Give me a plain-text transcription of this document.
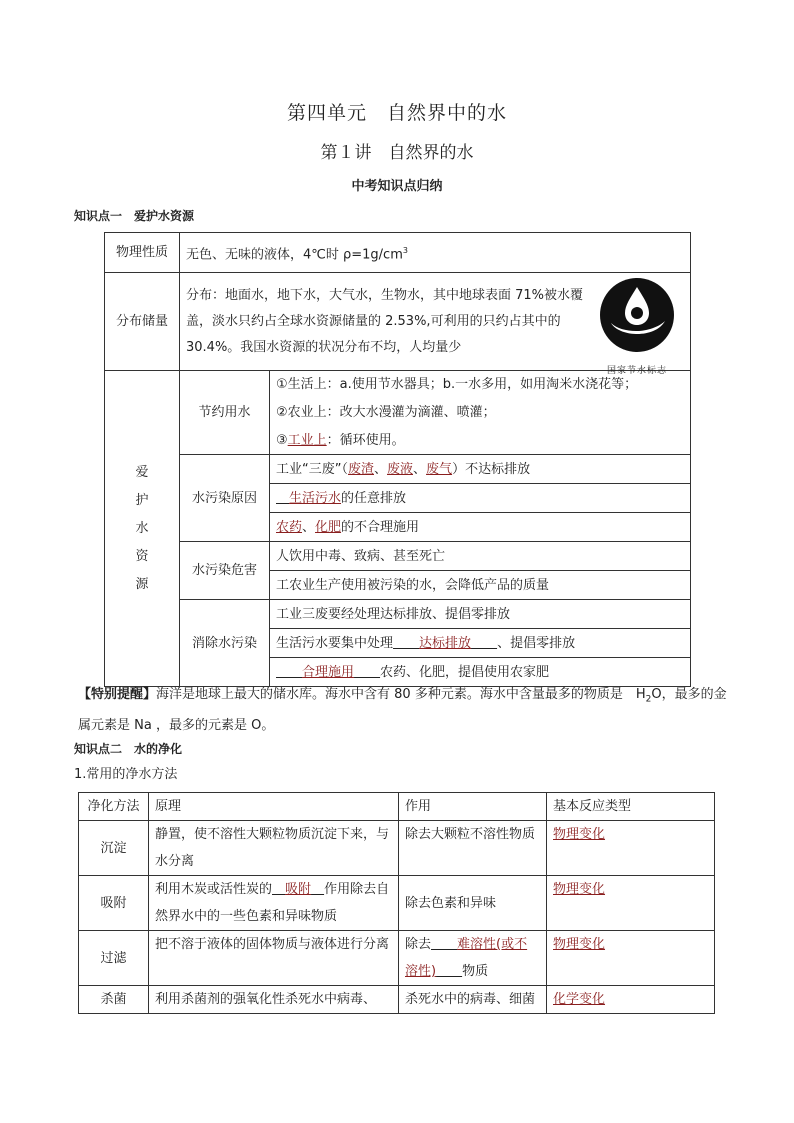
第四单元　自然界中的水
第１讲　自然界的水
中考知识点归纳
知识点一　爱护水资源
物理性质	无色、无味的液体，4℃时 $\rho=1g/cm^3$
分布储量	分布：地面水，地下水，大气水，生物水，其中地球表面 71%被水覆盖，淡水只约占全球水资源储量的 2.53%,可利用的只约占其中的 30.4%。我国水资源的状况分布不均，人均量少
国家节水标志	

爱
护
水
资
源	节约用水	①生活上：a.使用节水器具；b.一水多用，如用淘米水浇花等；
		②农业上：改大水漫灌为滴灌、喷灌；
		③工业上：循环使用。
	水污染原因	工业“三废”（废渣、废液、废气）不达标排放
		　生活污水的任意排放
		农药、化肥的不合理施用
	水污染危害	人饮用中毒、致病、甚至死亡
		工农业生产使用被污染的水，会降低产品的质量
	消除水污染	工业三废要经处理达标排放、提倡零排放
		生活污水要集中处理　　 达标排放　　 、提倡零排放
		　　合理施用　　 农药、化肥，提倡使用农家肥
【特别提醒】海洋是地球上最大的储水库。海水中含有 80 多种元素。海水中含量最多的物质是　$H_2O$，最多的金属元素是 Na ，最多的元素是 O。
知识点二　水的净化
1.常用的净水方法
净化方法	原理	作用	基本反应类型
沉淀	静置，使不溶性大颗粒物质沉淀下来，与水分离	除去大颗粒不溶性物质	物理变化
吸附	利用木炭或活性炭的　 吸附　 作用除去自然界水中的一些色素和异味物质	除去色素和异味	物理变化
过滤	把不溶于液体的固体物质与液体进行分离	除去　　 难溶性(或不溶性)　　 物质	物理变化
杀菌	利用杀菌剂的强氧化性杀死水中病毒、	杀死水中的病毒、细菌	化学变化
